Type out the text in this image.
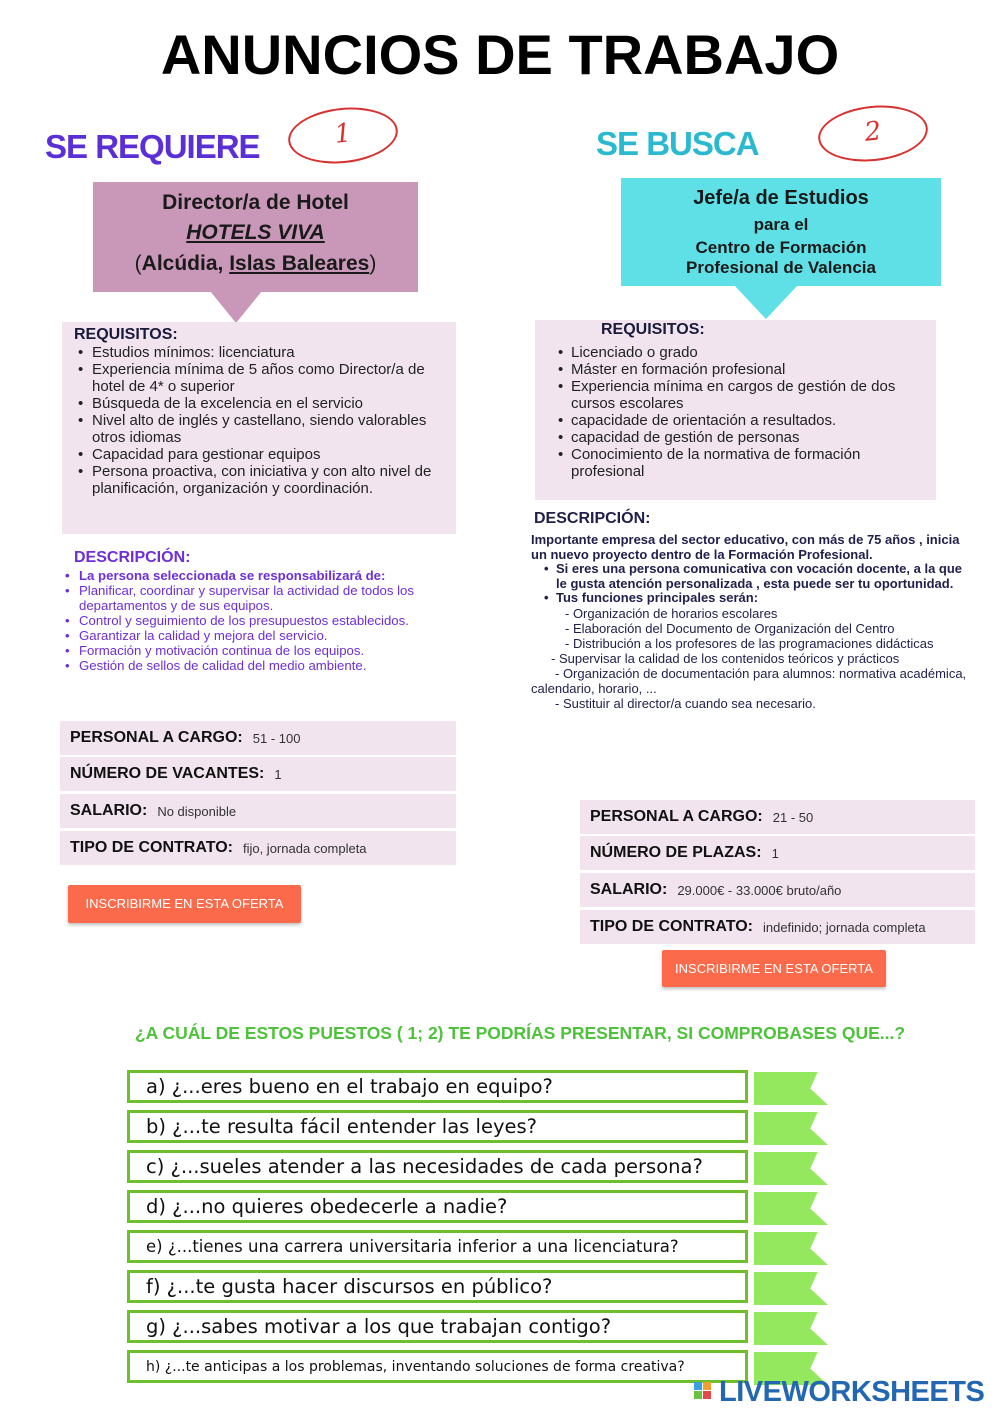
ANUNCIOS DE TRABAJO
SE REQUIERE	1
Director/a de Hotel
HOTELS VIVA
(Alcúdia, Islas Baleares)
REQUISITOS:
• Estudios mínimos: licenciatura
• Experiencia mínima de 5 años como Director/a de hotel de 4* o superior
• Búsqueda de la excelencia en el servicio
• Nivel alto de inglés y castellano, siendo valorables otros idiomas
• Capacidad para gestionar equipos
• Persona proactiva, con iniciativa y con alto nivel de planificación, organización y coordinación.
DESCRIPCIÓN:
• La persona seleccionada se responsabilizará de:
• Planificar, coordinar y supervisar la actividad de todos los departamentos y de sus equipos.
• Control y seguimiento de los presupuestos establecidos.
• Garantizar la calidad y mejora del servicio.
• Formación y motivación continua de los equipos.
• Gestión de sellos de calidad del medio ambiente.
PERSONAL A CARGO: 51 - 100
NÚMERO DE VACANTES: 1
SALARIO: No disponible
TIPO DE CONTRATO: fijo, jornada completa
INSCRIBIRME EN ESTA OFERTA
SE BUSCA	2
Jefe/a de Estudios
para el
Centro de Formación
Profesional de Valencia
REQUISITOS:
• Licenciado o grado
• Máster en formación profesional
• Experiencia mínima en cargos de gestión de dos cursos escolares
• capacidade de orientación a resultados.
• capacidad de gestión de personas
• Conocimiento de la normativa de formación profesional
DESCRIPCIÓN:
Importante empresa del sector educativo, con más de 75 años , inicia un nuevo proyecto dentro de la Formación Profesional.
• Si eres una persona comunicativa con vocación docente, a la que le gusta atención personalizada , esta puede ser tu oportunidad.
• Tus funciones principales serán:
- Organización de horarios escolares
- Elaboración del Documento de Organización del Centro
- Distribución a los profesores de las programaciones didácticas
- Supervisar la calidad de los contenidos teóricos y prácticos
- Organización de documentación para alumnos: normativa académica, calendario, horario, ...
- Sustituir al director/a cuando sea necesario.
PERSONAL A CARGO: 21 - 50
NÚMERO DE PLAZAS: 1
SALARIO: 29.000€ - 33.000€ bruto/año
TIPO DE CONTRATO: indefinido; jornada completa
INSCRIBIRME EN ESTA OFERTA
¿A CUÁL DE ESTOS PUESTOS ( 1; 2) TE PODRÍAS PRESENTAR, SI COMPROBASES QUE...?
a) ¿...eres bueno en el trabajo en equipo?
b) ¿...te resulta fácil entender las leyes?
c) ¿...sueles atender a las necesidades de cada persona?
d) ¿...no quieres obedecerle a nadie?
e) ¿...tienes una carrera universitaria inferior a una licenciatura?
f) ¿...te gusta hacer discursos en público?
g) ¿...sabes motivar a los que trabajan contigo?
h) ¿...te anticipas a los problemas, inventando soluciones de forma creativa?
LIVEWORKSHEETS
